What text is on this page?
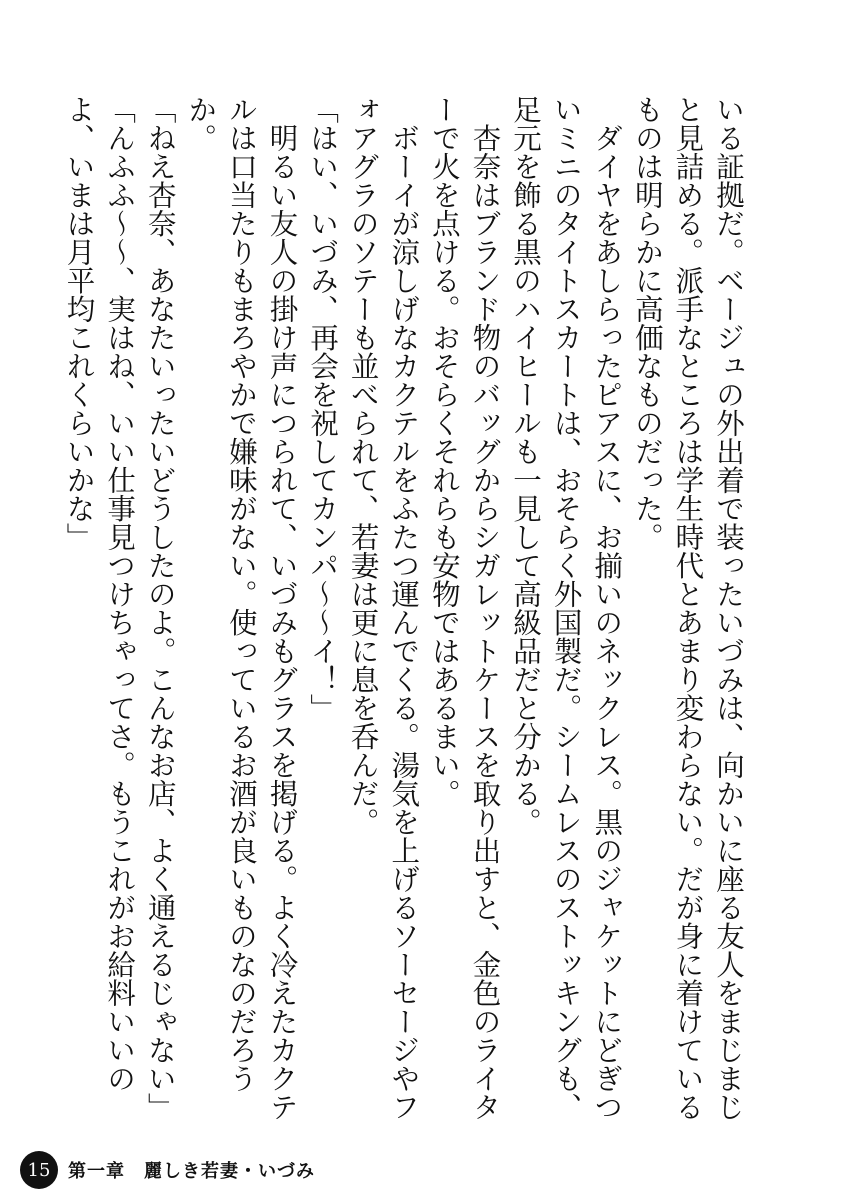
いる証拠だ。ベージュの外出着で装ったいづみは、向かいに座る友人をまじまじと見詰める。派手なところは学生時代とあまり変わらない。だが身に着けているものは明らかに高価なものだった。

　ダイヤをあしらったピアスに、お揃いのネックレス。黒のジャケットにどぎついミニのタイトスカートは、おそらく外国製だ。シームレスのストッキングも、足元を飾る黒のハイヒールも一見して高級品だと分かる。

　杏奈はブランド物のバッグからシガレットケースを取り出すと、金色のライターで火を点ける。おそらくそれらも安物ではあるまい。

　ボーイが涼しげなカクテルをふたつ運んでくる。湯気を上げるソーセージやフォアグラのソテーも並べられて、若妻は更に息を呑んだ。

「はい、いづみ、再会を祝してカンパ～～イ！」

　明るい友人の掛け声につられて、いづみもグラスを掲げる。よく冷えたカクテルは口当たりもまろやかで嫌味がない。使っているお酒が良いものなのだろうか。

「ねえ杏奈、あなたいったいどうしたのよ。こんなお店、よく通えるじゃない」

「んふふ～～、実はね、いい仕事見つけちゃってさ。もうこれがお給料いいのよ、いまは月平均これくらいかな」

15 第一章　麗しき若妻・いづみ
